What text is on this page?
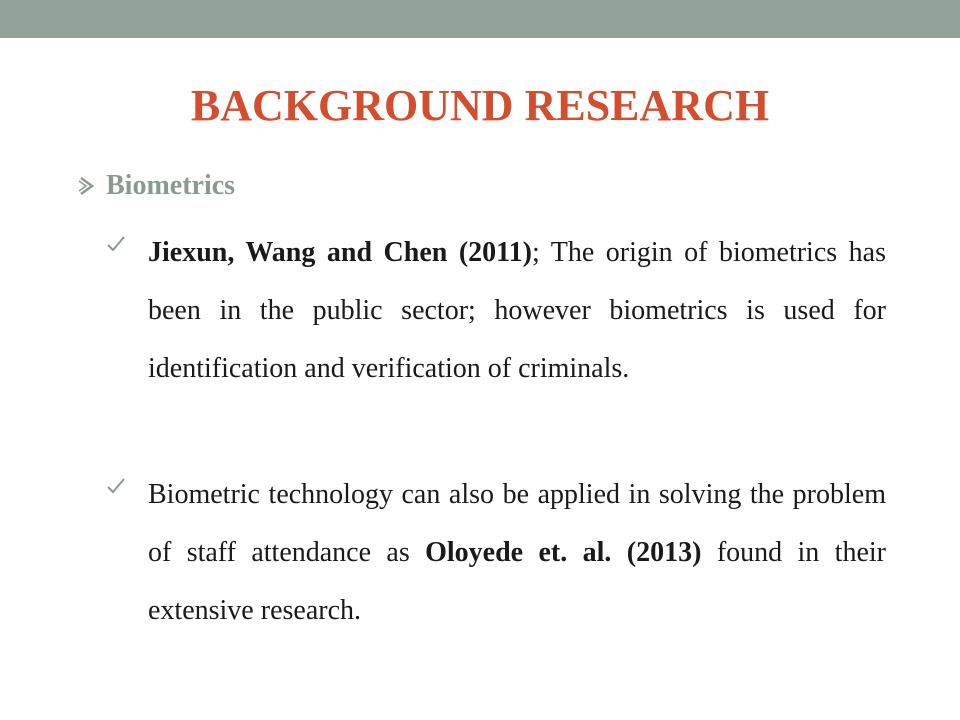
BACKGROUND RESEARCH
Biometrics

Jiexun, Wang and Chen (2011); The origin of biometrics has been in the public sector; however biometrics is used for identification and verification of criminals.

Biometric technology can also be applied in solving the problem of staff attendance as Oloyede et. al. (2013) found in their extensive research.
